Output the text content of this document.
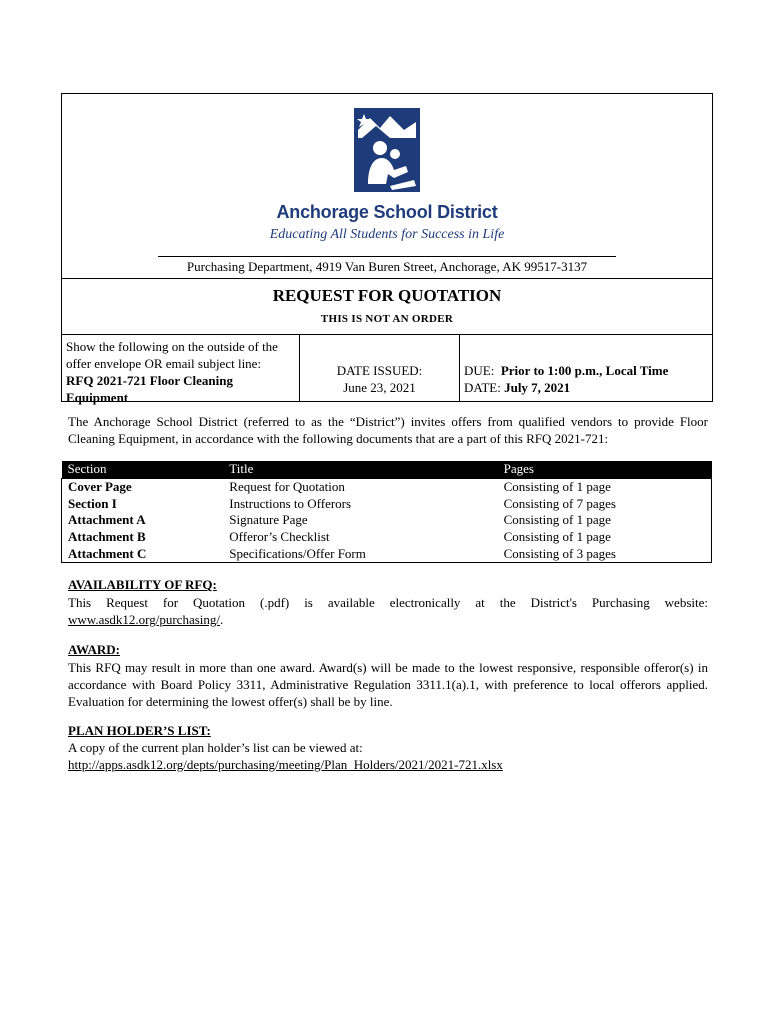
Anchorage School District
Educating All Students for Success in Life
Purchasing Department, 4919 Van Buren Street, Anchorage, AK 99517-3137
REQUEST FOR QUOTATION
THIS IS NOT AN ORDER
Show the following on the outside of the offer envelope OR email subject line:
RFQ 2021-721 Floor Cleaning Equipment
DATE ISSUED:
June 23, 2021
DUE: Prior to 1:00 p.m., Local Time
DATE: July 7, 2021
The Anchorage School District (referred to as the “District”) invites offers from qualified vendors to provide Floor Cleaning Equipment, in accordance with the following documents that are a part of this RFQ 2021-721:
Section	Title	Pages
Cover Page	Request for Quotation	Consisting of 1 page
Section I	Instructions to Offerors	Consisting of 7 pages
Attachment A	Signature Page	Consisting of 1 page
Attachment B	Offeror’s Checklist	Consisting of 1 page
Attachment C	Specifications/Offer Form	Consisting of 3 pages
AVAILABILITY OF RFQ:
This Request for Quotation (.pdf) is available electronically at the District's Purchasing website:
www.asdk12.org/purchasing/.
AWARD:
This RFQ may result in more than one award. Award(s) will be made to the lowest responsive, responsible offeror(s) in accordance with Board Policy 3311, Administrative Regulation 3311.1(a).1, with preference to local offerors applied. Evaluation for determining the lowest offer(s) shall be by line.
PLAN HOLDER’S LIST:
A copy of the current plan holder’s list can be viewed at:
http://apps.asdk12.org/depts/purchasing/meeting/Plan_Holders/2021/2021-721.xlsx
